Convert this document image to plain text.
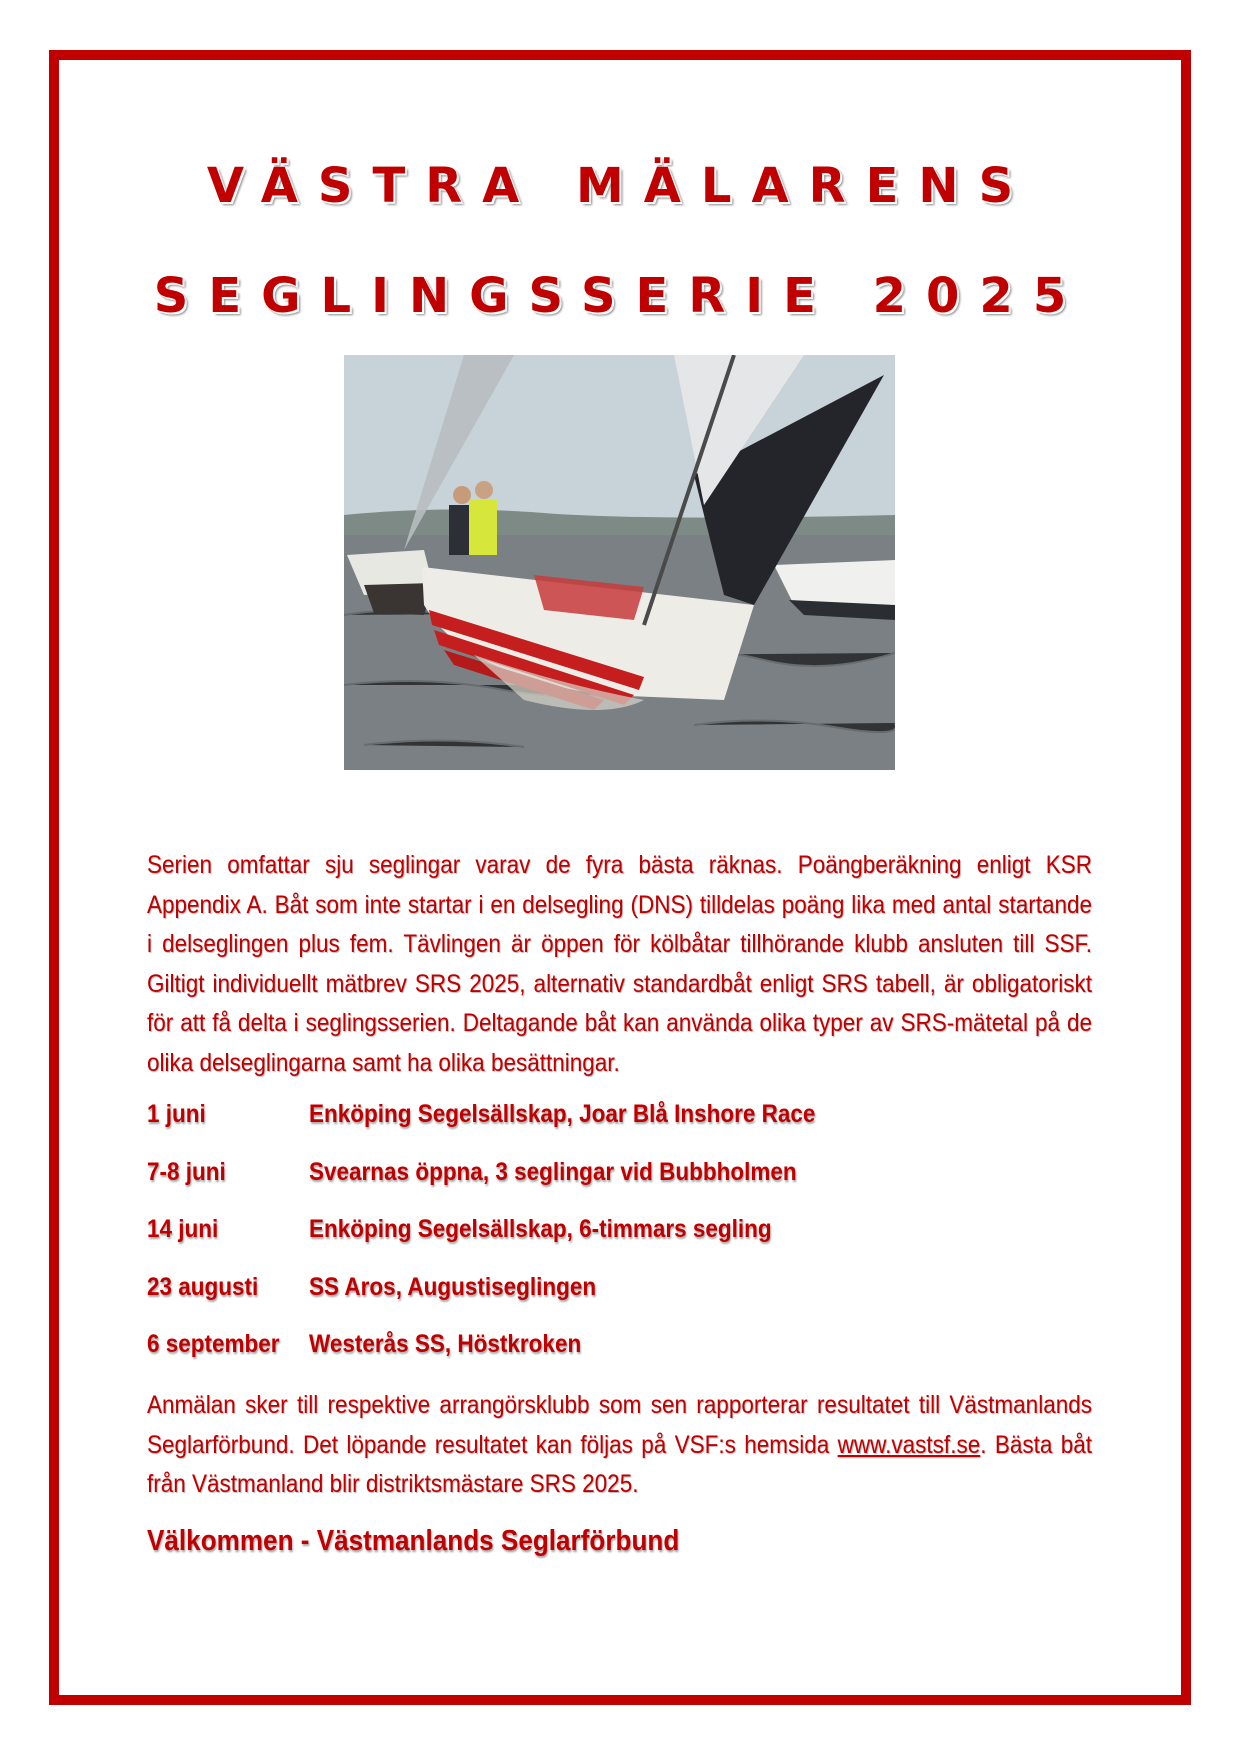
VÄSTRA MÄLARENS
SEGLINGSSERIE 2025
Serien omfattar sju seglingar varav de fyra bästa räknas. Poängberäkning enligt KSR Appendix A. Båt som inte startar i en delsegling (DNS) tilldelas poäng lika med antal startande i delseglingen plus fem. Tävlingen är öppen för kölbåtar tillhörande klubb ansluten till SSF. Giltigt individuellt mätbrev SRS 2025, alternativ standardbåt enligt SRS tabell, är obligatoriskt för att få delta i seglingsserien. Deltagande båt kan använda olika typer av SRS-mätetal på de olika delseglingarna samt ha olika besättningar.
1 juni	Enköping Segelsällskap, Joar Blå Inshore Race
7-8 juni	Svearnas öppna, 3 seglingar vid Bubbholmen
14 juni	Enköping Segelsällskap, 6-timmars segling
23 augusti SS Aros, Augustiseglingen
6 september Westerås SS, Höstkroken
Anmälan sker till respektive arrangörsklubb som sen rapporterar resultatet till Västmanlands Seglarförbund. Det löpande resultatet kan följas på VSF:s hemsida www.vastsf.se. Bästa båt från Västmanland blir distriktsmästare SRS 2025.
Välkommen - Västmanlands Seglarförbund
